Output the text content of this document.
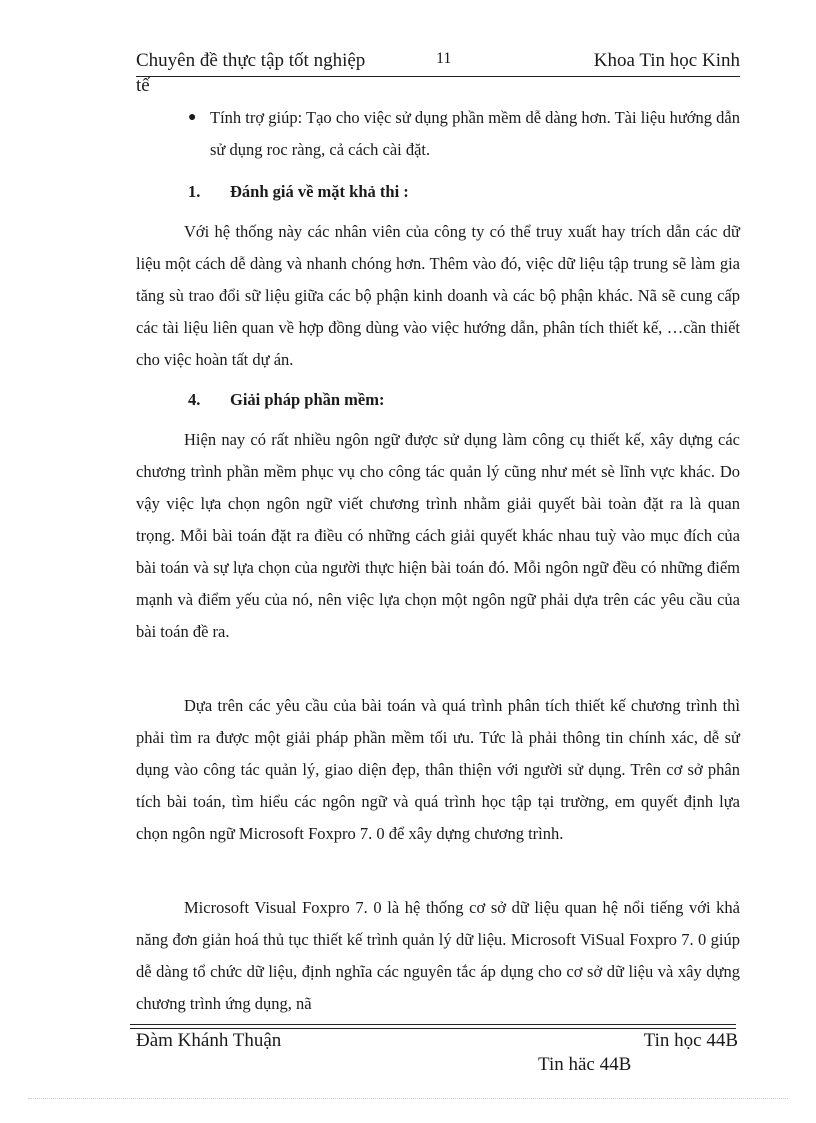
Chuyên đề thực tập tốt nghiệp	11	Khoa Tin học Kinh
tế
● Tính trợ giúp: Tạo cho việc sử dụng phần mềm dễ dàng hơn. Tài liệu hướng dẫn sử dụng roc ràng, cả cách cài đặt.
1. Đánh giá về mặt khả thi :
Với hệ thống này các nhân viên của công ty có thể truy xuất hay trích dẫn các dữ liệu một cách dễ dàng và nhanh chóng hơn. Thêm vào đó, việc dữ liệu tập trung sẽ làm gia tăng sù trao đổi sữ liệu giữa các bộ phận kinh doanh và các bộ phận khác. Nã sẽ cung cấp các tài liệu liên quan về hợp đồng dùng vào việc hướng dẫn, phân tích thiết kế, …cần thiết cho việc hoàn tất dự án.
4. Giải pháp phần mềm:
Hiện nay có rất nhiều ngôn ngữ được sử dụng làm công cụ thiết kế, xây dựng các chương trình phần mềm phục vụ cho công tác quản lý cũng như mét sè lĩnh vực khác. Do vậy việc lựa chọn ngôn ngữ viết chương trình nhằm giải quyết bài toàn đặt ra là quan trọng. Mỗi bài toán đặt ra điều có những cách giải quyết khác nhau tuỳ vào mục đích của bài toán và sự lựa chọn của người thực hiện bài toán đó. Mỗi ngôn ngữ đều có những điểm mạnh và điểm yếu của nó, nên việc lựa chọn một ngôn ngữ phải dựa trên các yêu cầu của bài toán đề ra.
Dựa trên các yêu cầu của bài toán và quá trình phân tích thiết kế chương trình thì phải tìm ra được một giải pháp phần mềm tối ưu. Tức là phải thông tin chính xác, dễ sử dụng vào công tác quản lý, giao diện đẹp, thân thiện với người sử dụng. Trên cơ sở phân tích bài toán, tìm hiểu các ngôn ngữ và quá trình học tập tại trường, em quyết định lựa chọn ngôn ngữ Microsoft Foxpro 7. 0 để xây dựng chương trình.
Microsoft Visual Foxpro 7. 0 là hệ thống cơ sở dữ liệu quan hệ nổi tiếng với khả năng đơn giản hoá thủ tục thiết kế trình quản lý dữ liệu. Microsoft ViSual Foxpro 7. 0 giúp dễ dàng tổ chức dữ liệu, định nghĩa các nguyên tắc áp dụng cho cơ sở dữ liệu và xây dựng chương trình ứng dụng, nã
Đàm Khánh Thuận	Tin học 44B
Tin häc 44B
